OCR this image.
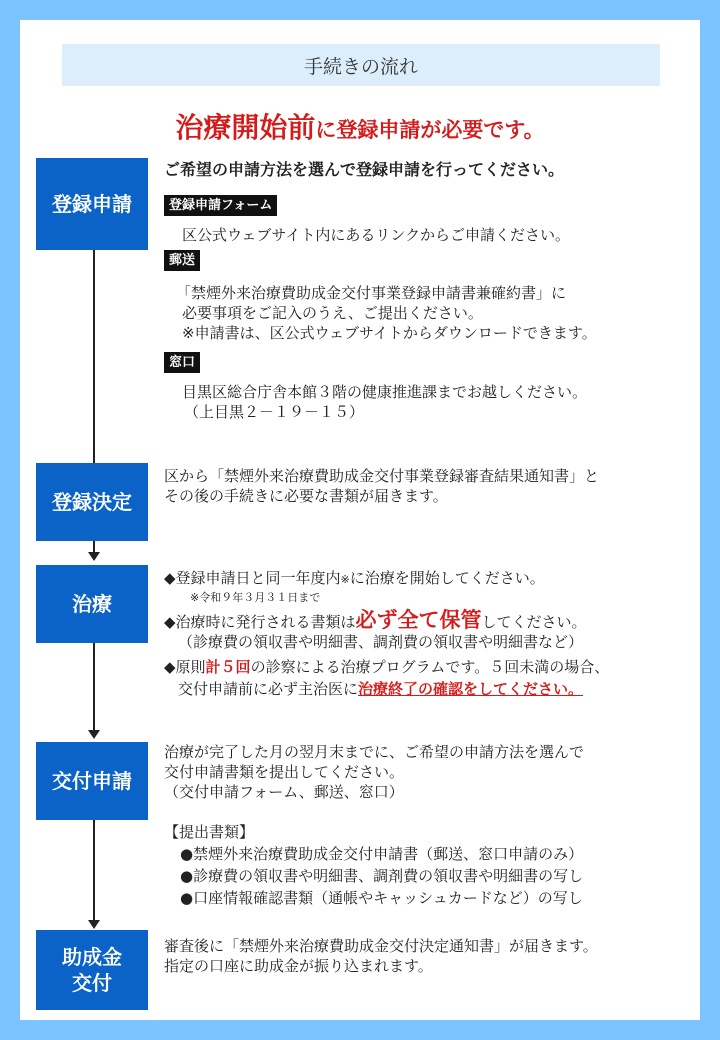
手続きの流れ
治療開始前に登録申請が必要です。
登録申請
ご希望の申請方法を選んで登録申請を行ってください。
登録申請フォーム
区公式ウェブサイト内にあるリンクからご申請ください。
郵送
「禁煙外来治療費助成金交付事業登録申請書兼確約書」に
必要事項をご記入のうえ、ご提出ください。
※申請書は、区公式ウェブサイトからダウンロードできます。
窓口
目黒区総合庁舎本館３階の健康推進課までお越しください。
（上目黒２－１９－１５）
登録決定
区から「禁煙外来治療費助成金交付事業登録審査結果通知書」と
その後の手続きに必要な書類が届きます。
治療
◆登録申請日と同一年度内※に治療を開始してください。
※令和９年３月３１日まで
◆治療時に発行される書類は必ず全て保管してください。
（診療費の領収書や明細書、調剤費の領収書や明細書など）
◆原則計５回の診察による治療プログラムです。５回未満の場合、
交付申請前に必ず主治医に治療終了の確認をしてください。
交付申請
治療が完了した月の翌月末までに、ご希望の申請方法を選んで
交付申請書類を提出してください。
（交付申請フォーム、郵送、窓口）
【提出書類】
●禁煙外来治療費助成金交付申請書（郵送、窓口申請のみ）
●診療費の領収書や明細書、調剤費の領収書や明細書の写し
●口座情報確認書類（通帳やキャッシュカードなど）の写し
助成金
交付
審査後に「禁煙外来治療費助成金交付決定通知書」が届きます。
指定の口座に助成金が振り込まれます。
